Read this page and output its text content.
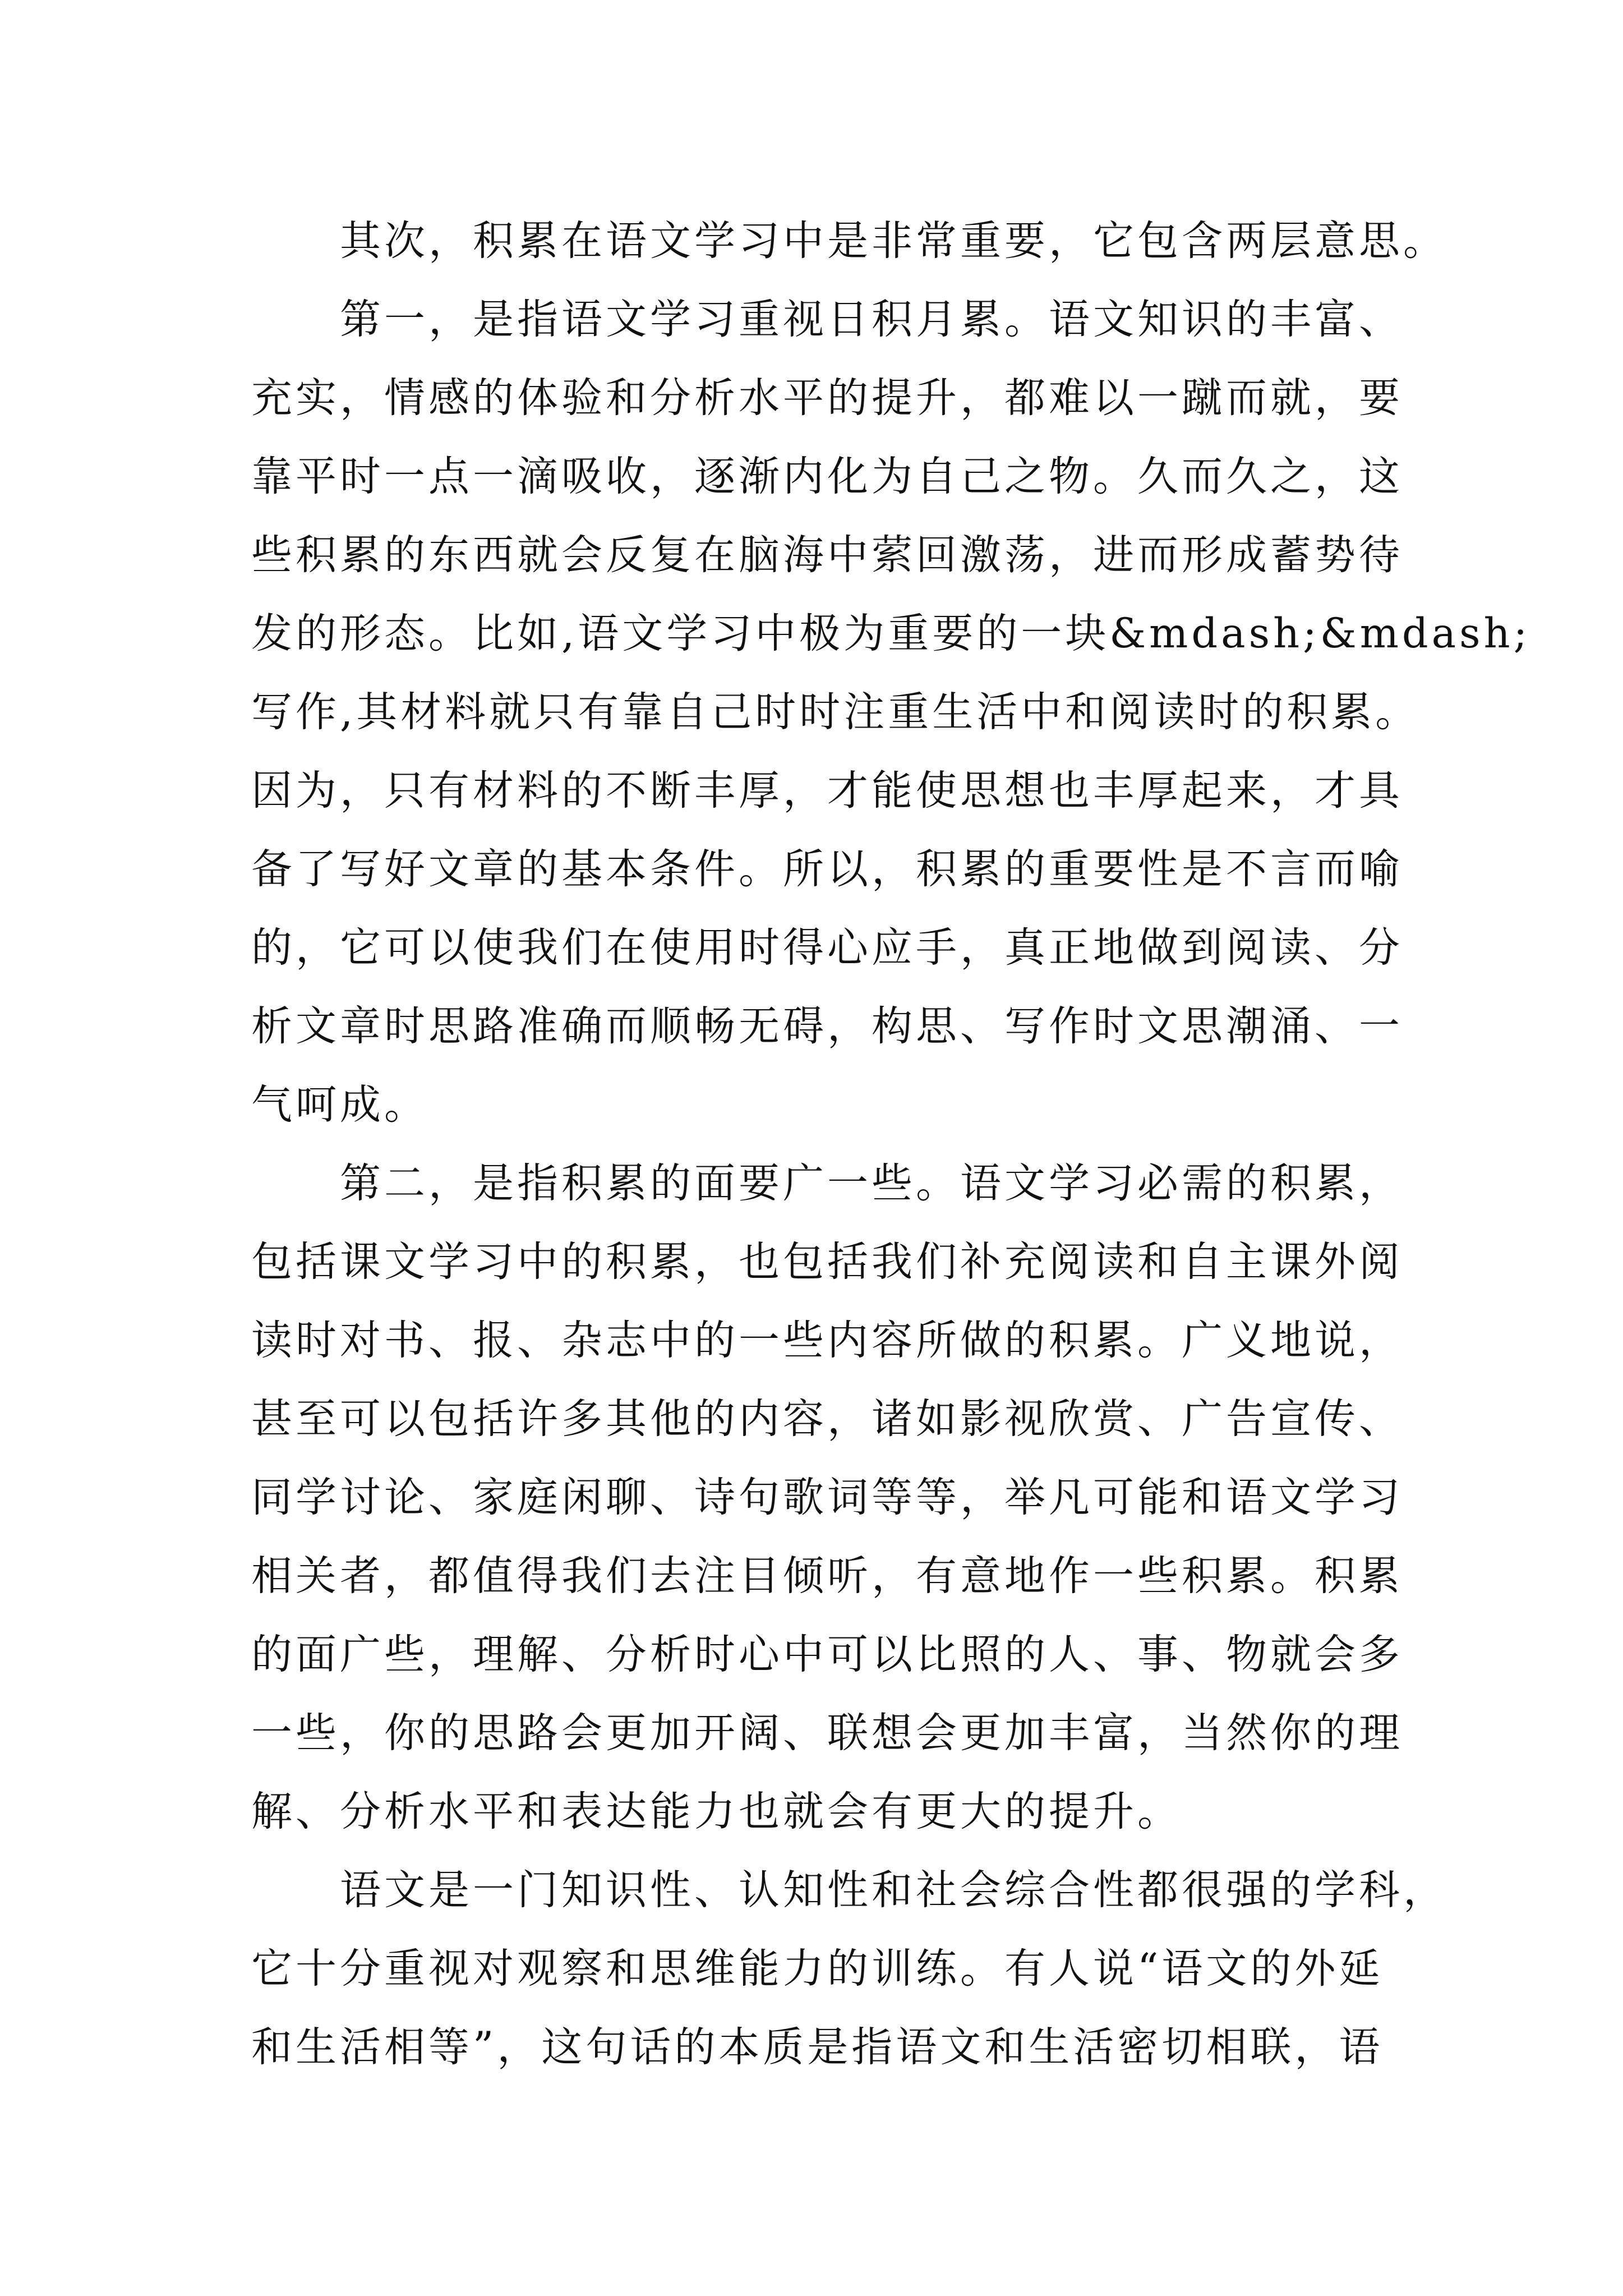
　　其次，积累在语文学习中是非常重要，它包含两层意思。
　　第一，是指语文学习重视日积月累。语文知识的丰富、
充实，情感的体验和分析水平的提升，都难以一蹴而就，要
靠平时一点一滴吸收，逐渐内化为自己之物。久而久之，这
些积累的东西就会反复在脑海中萦回激荡，进而形成蓄势待
发的形态。比如,语文学习中极为重要的一块&mdash;&mdash;
写作,其材料就只有靠自己时时注重生活中和阅读时的积累。
因为，只有材料的不断丰厚，才能使思想也丰厚起来，才具
备了写好文章的基本条件。所以，积累的重要性是不言而喻
的，它可以使我们在使用时得心应手，真正地做到阅读、分
析文章时思路准确而顺畅无碍，构思、写作时文思潮涌、一
气呵成。
　　第二，是指积累的面要广一些。语文学习必需的积累，
包括课文学习中的积累，也包括我们补充阅读和自主课外阅
读时对书、报、杂志中的一些内容所做的积累。广义地说，
甚至可以包括许多其他的内容，诸如影视欣赏、广告宣传、
同学讨论、家庭闲聊、诗句歌词等等，举凡可能和语文学习
相关者，都值得我们去注目倾听，有意地作一些积累。积累
的面广些，理解、分析时心中可以比照的人、事、物就会多
一些，你的思路会更加开阔、联想会更加丰富，当然你的理
解、分析水平和表达能力也就会有更大的提升。
　　语文是一门知识性、认知性和社会综合性都很强的学科，
它十分重视对观察和思维能力的训练。有人说“语文的外延
和生活相等”，这句话的本质是指语文和生活密切相联，语
